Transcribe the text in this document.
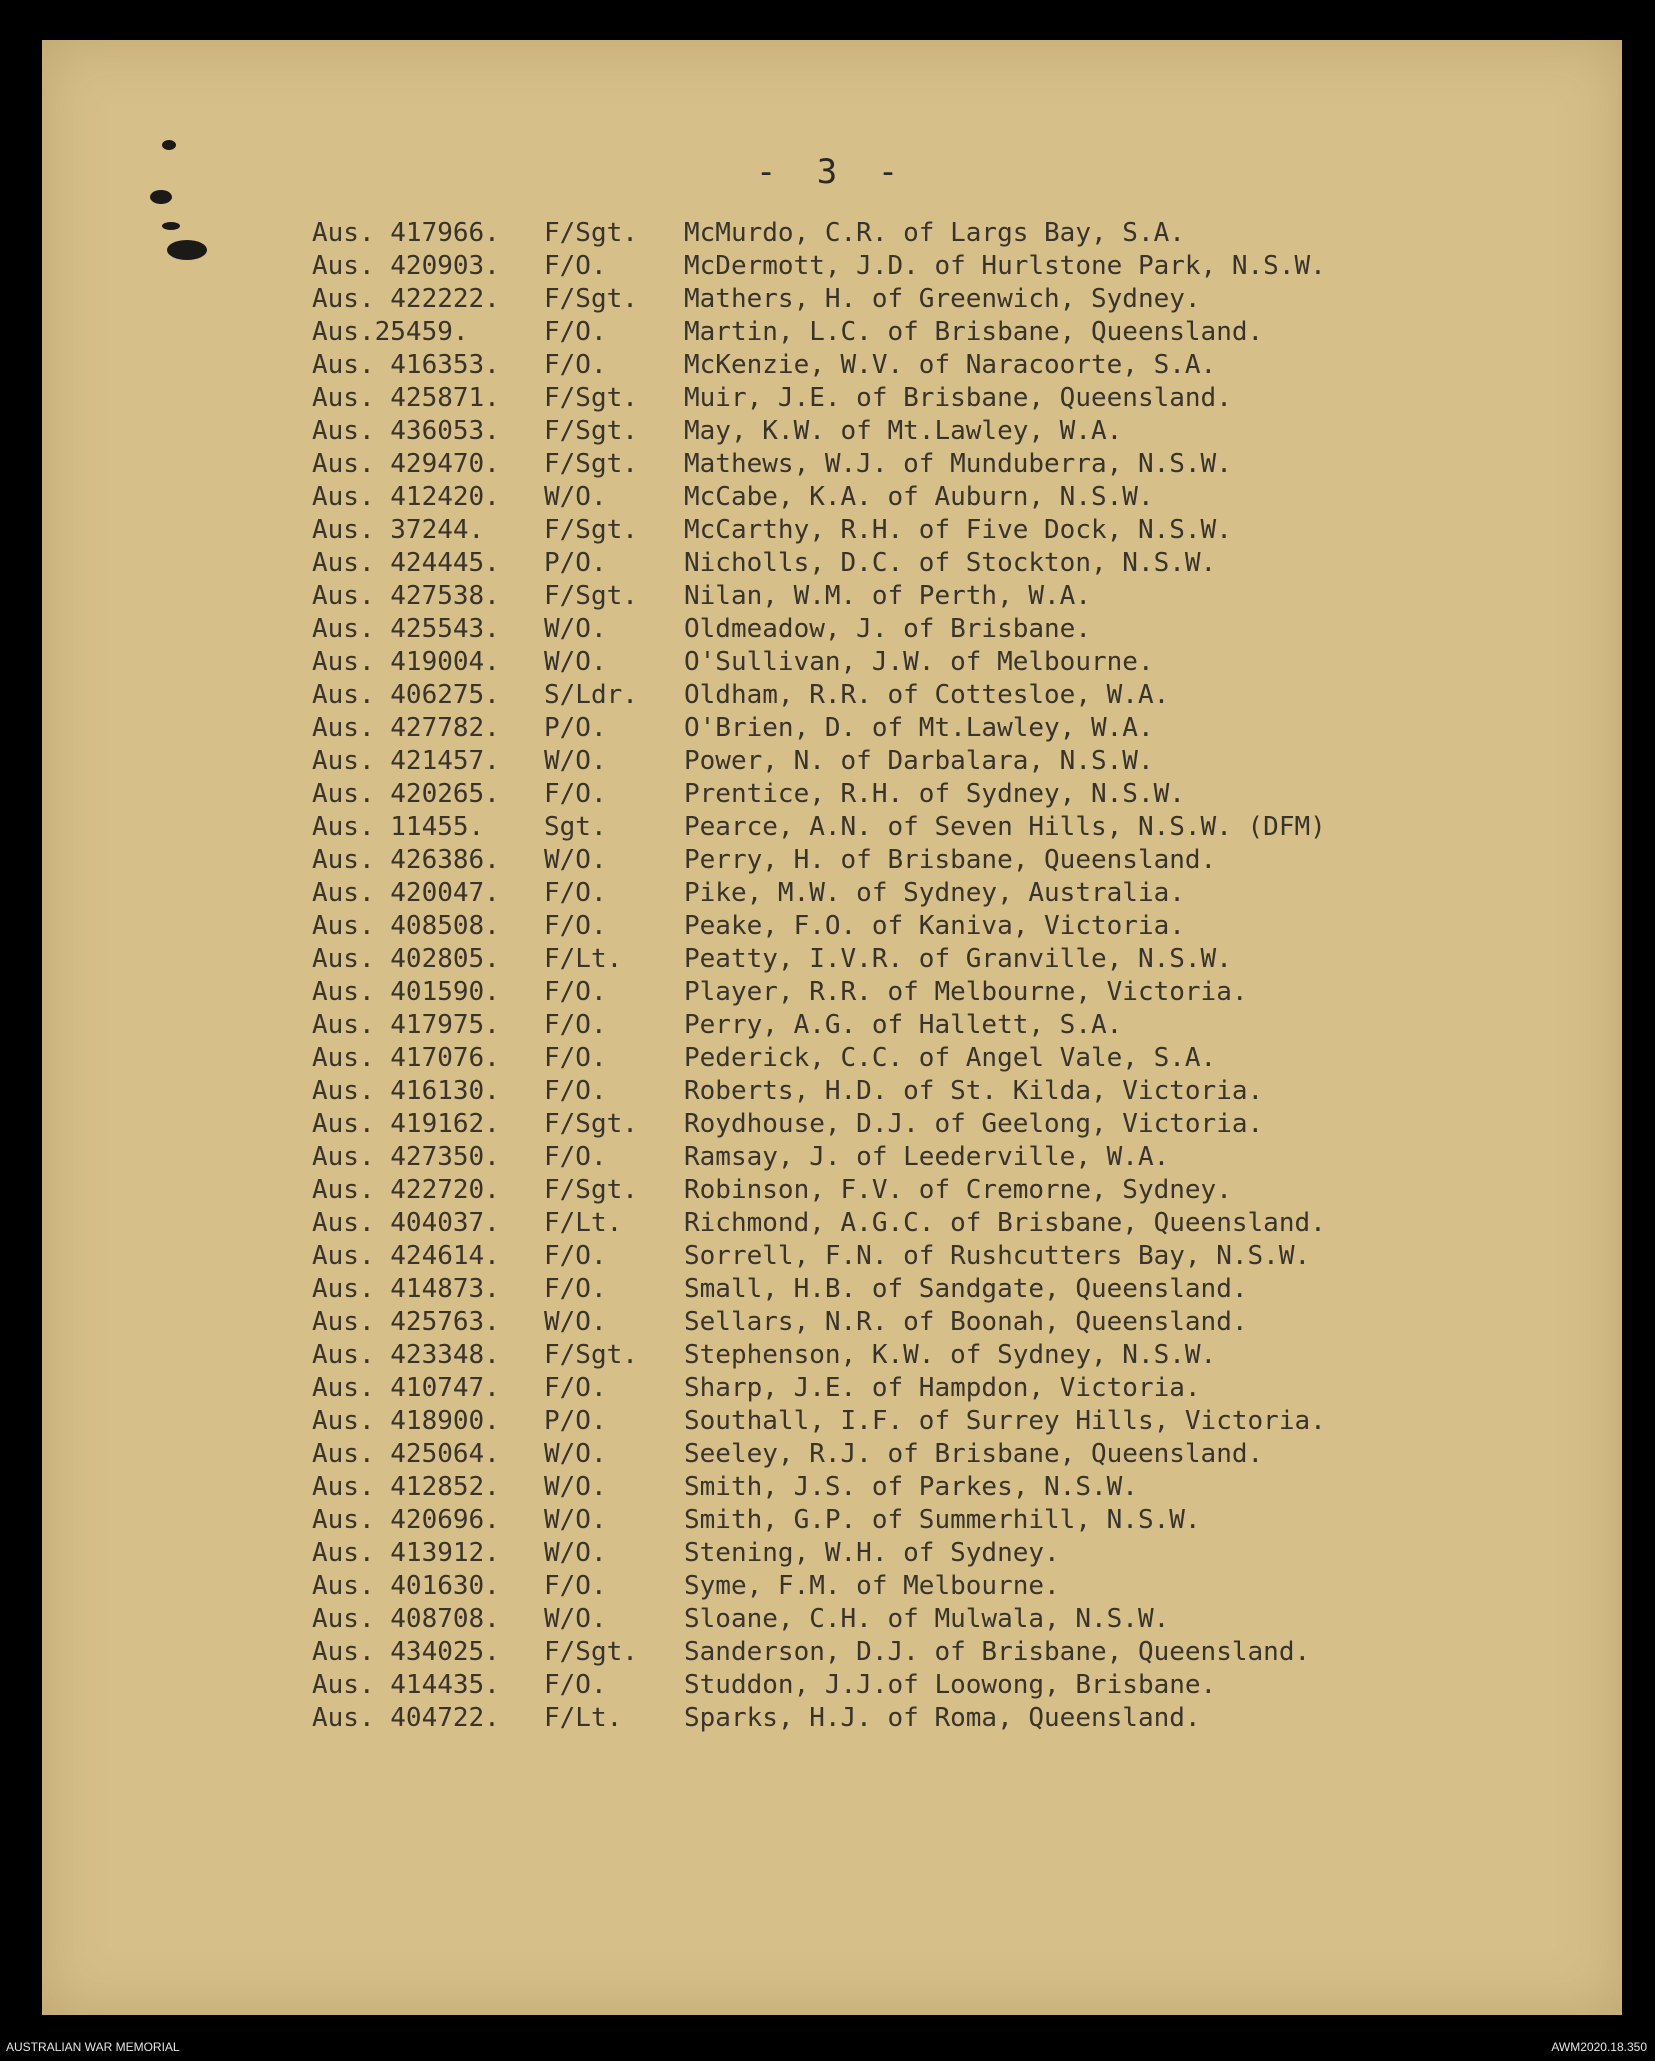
- 3 -
Aus. 417966.	F/Sgt.	McMurdo, C.R. of Largs Bay, S.A.
Aus. 420903.	F/O.	McDermott, J.D. of Hurlstone Park, N.S.W.
Aus. 422222.	F/Sgt.	Mathers, H. of Greenwich, Sydney.
Aus.25459.	F/O.	Martin, L.C. of Brisbane, Queensland.
Aus. 416353.	F/O.	McKenzie, W.V. of Naracoorte, S.A.
Aus. 425871.	F/Sgt.	Muir, J.E. of Brisbane, Queensland.
Aus. 436053.	F/Sgt.	May, K.W. of Mt.Lawley, W.A.
Aus. 429470.	F/Sgt.	Mathews, W.J. of Munduberra, N.S.W.
Aus. 412420.	W/O.	McCabe, K.A. of Auburn, N.S.W.
Aus. 37244.	F/Sgt.	McCarthy, R.H. of Five Dock, N.S.W.
Aus. 424445.	P/O.	Nicholls, D.C. of Stockton, N.S.W.
Aus. 427538.	F/Sgt.	Nilan, W.M. of Perth, W.A.
Aus. 425543.	W/O.	Oldmeadow, J. of Brisbane.
Aus. 419004.	W/O.	O'Sullivan, J.W. of Melbourne.
Aus. 406275.	S/Ldr.	Oldham, R.R. of Cottesloe, W.A.
Aus. 427782.	P/O.	O'Brien, D. of Mt.Lawley, W.A.
Aus. 421457.	W/O.	Power, N. of Darbalara, N.S.W.
Aus. 420265.	F/O.	Prentice, R.H. of Sydney, N.S.W.
Aus. 11455.	Sgt.	Pearce, A.N. of Seven Hills, N.S.W. (DFM)
Aus. 426386.	W/O.	Perry, H. of Brisbane, Queensland.
Aus. 420047.	F/O.	Pike, M.W. of Sydney, Australia.
Aus. 408508.	F/O.	Peake, F.O. of Kaniva, Victoria.
Aus. 402805.	F/Lt.	Peatty, I.V.R. of Granville, N.S.W.
Aus. 401590.	F/O.	Player, R.R. of Melbourne, Victoria.
Aus. 417975.	F/O.	Perry, A.G. of Hallett, S.A.
Aus. 417076.	F/O.	Pederick, C.C. of Angel Vale, S.A.
Aus. 416130.	F/O.	Roberts, H.D. of St. Kilda, Victoria.
Aus. 419162.	F/Sgt.	Roydhouse, D.J. of Geelong, Victoria.
Aus. 427350.	F/O.	Ramsay, J. of Leederville, W.A.
Aus. 422720.	F/Sgt.	Robinson, F.V. of Cremorne, Sydney.
Aus. 404037.	F/Lt.	Richmond, A.G.C. of Brisbane, Queensland.
Aus. 424614.	F/O.	Sorrell, F.N. of Rushcutters Bay, N.S.W.
Aus. 414873.	F/O.	Small, H.B. of Sandgate, Queensland.
Aus. 425763.	W/O.	Sellars, N.R. of Boonah, Queensland.
Aus. 423348.	F/Sgt.	Stephenson, K.W. of Sydney, N.S.W.
Aus. 410747.	F/O.	Sharp, J.E. of Hampdon, Victoria.
Aus. 418900.	P/O.	Southall, I.F. of Surrey Hills, Victoria.
Aus. 425064.	W/O.	Seeley, R.J. of Brisbane, Queensland.
Aus. 412852.	W/O.	Smith, J.S. of Parkes, N.S.W.
Aus. 420696.	W/O.	Smith, G.P. of Summerhill, N.S.W.
Aus. 413912.	W/O.	Stening, W.H. of Sydney.
Aus. 401630.	F/O.	Syme, F.M. of Melbourne.
Aus. 408708.	W/O.	Sloane, C.H. of Mulwala, N.S.W.
Aus. 434025.	F/Sgt.	Sanderson, D.J. of Brisbane, Queensland.
Aus. 414435.	F/O.	Studdon, J.J.of Loowong, Brisbane.
Aus. 404722.	F/Lt.	Sparks, H.J. of Roma, Queensland.
AUSTRALIAN WAR MEMORIAL	AWM2020.18.350
